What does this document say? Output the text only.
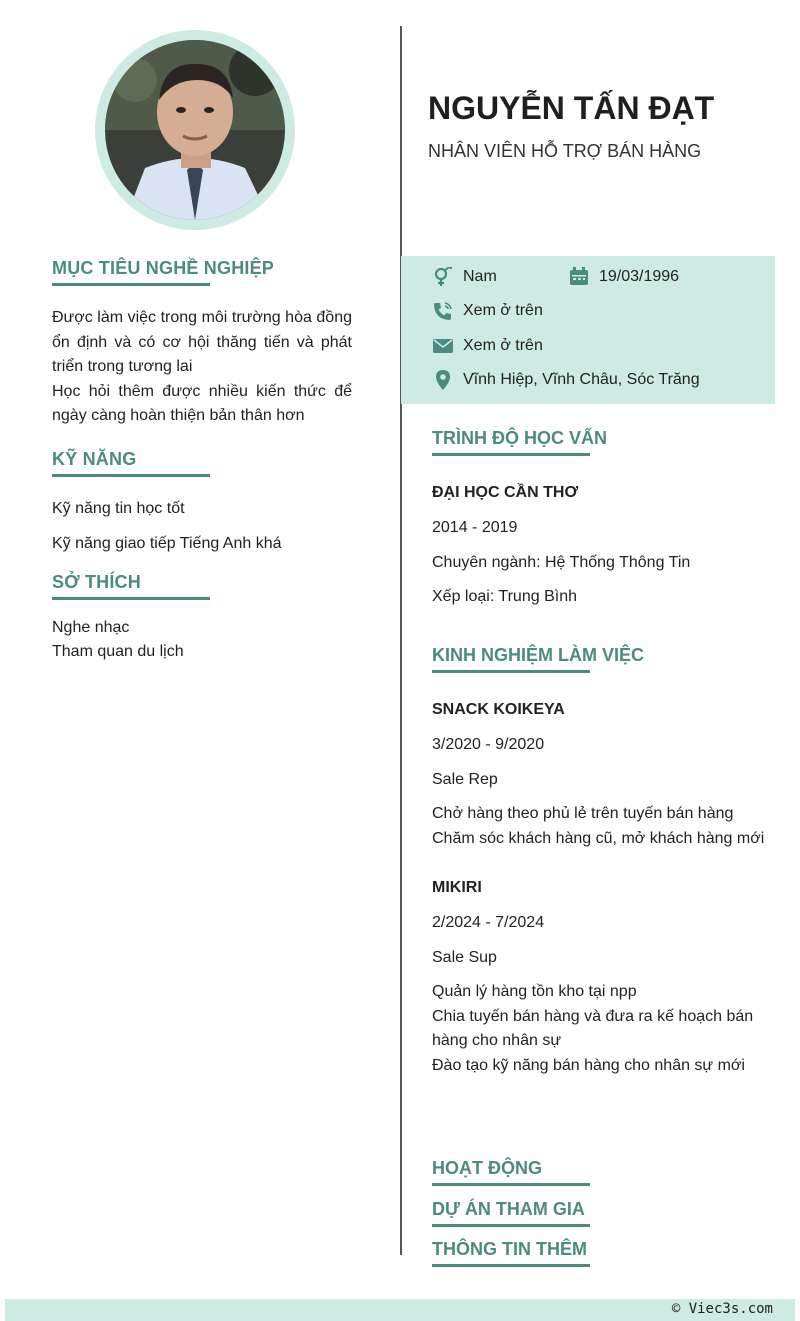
MỤC TIÊU NGHỀ NGHIỆP

Được làm việc trong môi trường hòa đồng ổn định và có cơ hội thăng tiến và phát triển trong tương lai

Học hỏi thêm được nhiều kiến thức để ngày càng hoàn thiện bản thân hơn

KỸ NĂNG
Kỹ năng tin học tốt
Kỹ năng giao tiếp Tiếng Anh khá
SỞ THÍCH
Nghe nhạc
Tham quan du lịch
NGUYỄN TẤN ĐẠT
NHÂN VIÊN HỖ TRỢ BÁN HÀNG
Nam	19/03/1996
Xem ở trên
Xem ở trên
Vĩnh Hiệp, Vĩnh Châu, Sóc Trăng
TRÌNH ĐỘ HỌC VẤN
ĐẠI HỌC CẦN THƠ
2014 - 2019
Chuyên ngành: Hệ Thống Thông Tin
Xếp loại: Trung Bình
KINH NGHIỆM LÀM VIỆC
SNACK KOIKEYA
3/2020 - 9/2020
Sale Rep
Chở hàng theo phủ lẻ trên tuyến bán hàng
Chăm sóc khách hàng cũ, mở khách hàng mới
MIKIRI
2/2024 - 7/2024
Sale Sup
Quản lý hàng tồn kho tại npp
Chia tuyến bán hàng và đưa ra kế hoạch bán hàng cho nhân sự
Đào tạo kỹ năng bán hàng cho nhân sự mới
HOẠT ĐỘNG
DỰ ÁN THAM GIA
THÔNG TIN THÊM
© Viec3s.com
